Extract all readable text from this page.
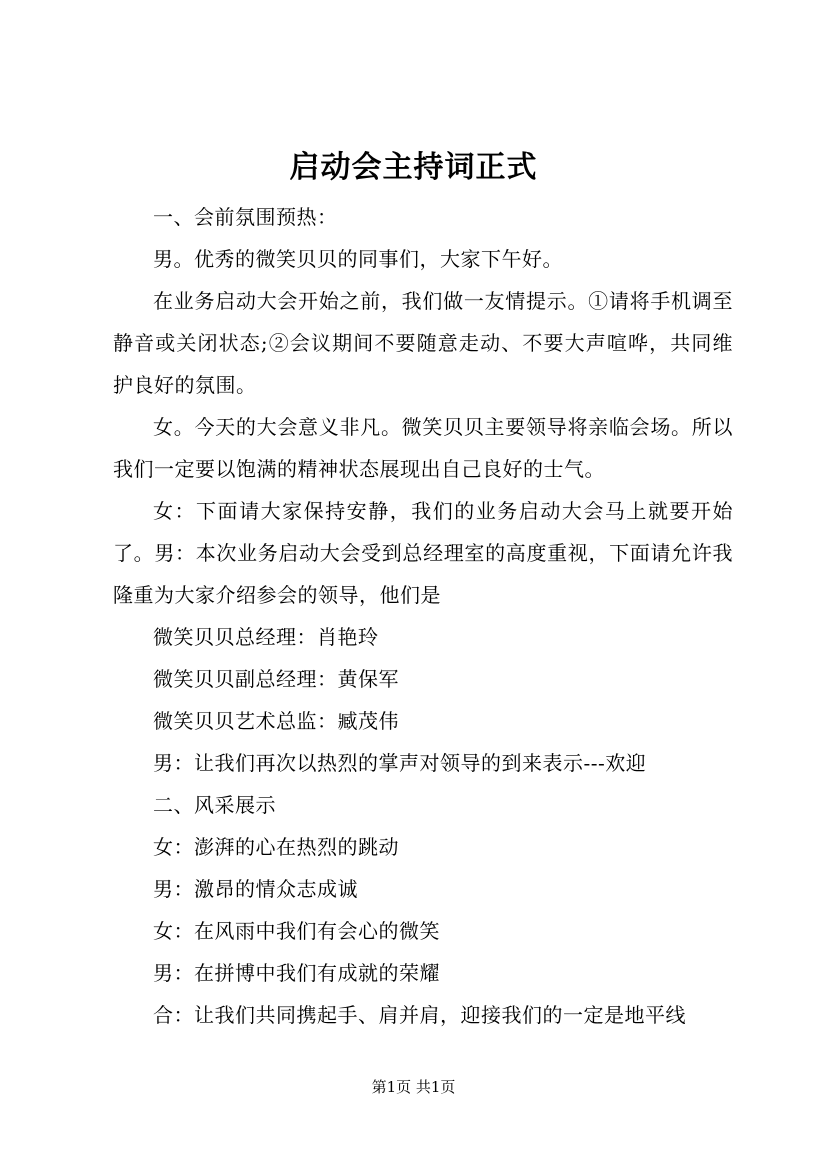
启动会主持词正式

一、会前氛围预热：

男。优秀的微笑贝贝的同事们，大家下午好。

在业务启动大会开始之前，我们做一友情提示。①请将手机调至静音或关闭状态;②会议期间不要随意走动、不要大声喧哗，共同维护良好的氛围。

女。今天的大会意义非凡。微笑贝贝主要领导将亲临会场。所以我们一定要以饱满的精神状态展现出自己良好的士气。

女：下面请大家保持安静，我们的业务启动大会马上就要开始了。男：本次业务启动大会受到总经理室的高度重视，下面请允许我隆重为大家介绍参会的领导，他们是

微笑贝贝总经理：肖艳玲

微笑贝贝副总经理：黄保军

微笑贝贝艺术总监：臧茂伟

男：让我们再次以热烈的掌声对领导的到来表示---欢迎

二、风采展示

女：澎湃的心在热烈的跳动

男：激昂的情众志成诚

女：在风雨中我们有会心的微笑

男：在拼博中我们有成就的荣耀

合：让我们共同携起手、肩并肩，迎接我们的一定是地平线

第1页 共1页
